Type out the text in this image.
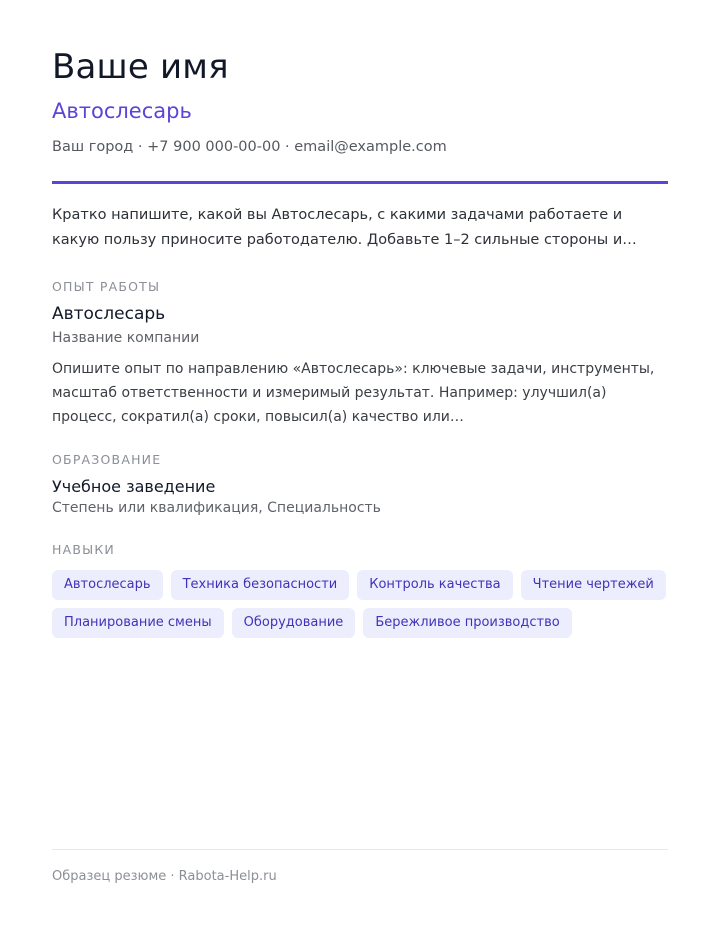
Ваше имя
Автослесарь
Ваш город · +7 900 000-00-00 · email@example.com
Кратко напишите, какой вы Автослесарь, с какими задачами работаете и какую пользу приносите работодателю. Добавьте 1–2 сильные стороны и…
ОПЫТ РАБОТЫ
Автослесарь
Название компании
Опишите опыт по направлению «Автослесарь»: ключевые задачи, инструменты, масштаб ответственности и измеримый результат. Например: улучшил(а) процесс, сократил(а) сроки, повысил(а) качество или…
ОБРАЗОВАНИЕ
Учебное заведение
Степень или квалификация, Специальность
НАВЫКИ
Автослесарь	Техника безопасности	Контроль качества	Чтение чертежей
Планирование смены	Оборудование	Бережливое производство
Образец резюме · Rabota-Help.ru
